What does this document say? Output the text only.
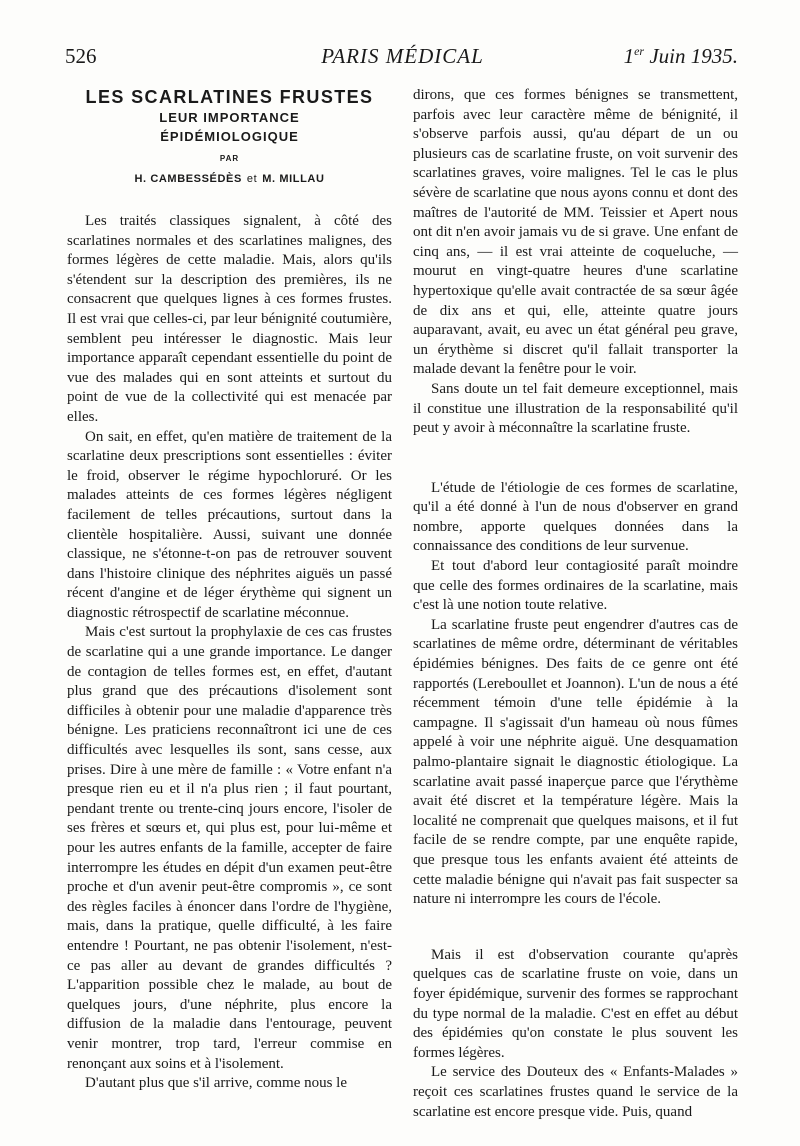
526	PARIS MÉDICAL	1er Juin 1935.
LES SCARLATINES FRUSTES
LEUR IMPORTANCE
ÉPIDÉMIOLOGIQUE
PAR
H. CAMBESSÉDÈS et M. MILLAU

Les traités classiques signalent, à côté des scarlatines normales et des scarlatines malignes, des formes légères de cette maladie. Mais, alors qu'ils s'étendent sur la description des premières, ils ne consacrent que quelques lignes à ces formes frustes. Il est vrai que celles-ci, par leur bénignité coutumière, semblent peu intéresser le diagnostic. Mais leur importance apparaît cependant essentielle du point de vue des malades qui en sont atteints et surtout du point de vue de la collectivité qui est menacée par elles.

On sait, en effet, qu'en matière de traitement de la scarlatine deux prescriptions sont essentielles : éviter le froid, observer le régime hypochloruré. Or les malades atteints de ces formes légères négligent facilement de telles précautions, surtout dans la clientèle hospitalière. Aussi, suivant une donnée classique, ne s'étonne-t-on pas de retrouver souvent dans l'histoire clinique des néphrites aiguës un passé récent d'angine et de léger érythème qui signent un diagnostic rétrospectif de scarlatine méconnue.

Mais c'est surtout la prophylaxie de ces cas frustes de scarlatine qui a une grande importance. Le danger de contagion de telles formes est, en effet, d'autant plus grand que des précautions d'isolement sont difficiles à obtenir pour une maladie d'apparence très bénigne. Les praticiens reconnaîtront ici une de ces difficultés avec lesquelles ils sont, sans cesse, aux prises. Dire à une mère de famille : « Votre enfant n'a presque rien eu et il n'a plus rien ; il faut pourtant, pendant trente ou trente-cinq jours encore, l'isoler de ses frères et sœurs et, qui plus est, pour lui-même et pour les autres enfants de la famille, accepter de faire interrompre les études en dépit d'un examen peut-être proche et d'un avenir peut-être compromis », ce sont des règles faciles à énoncer dans l'ordre de l'hygiène, mais, dans la pratique, quelle difficulté, à les faire entendre ! Pourtant, ne pas obtenir l'isolement, n'est-ce pas aller au devant de grandes difficultés ? L'apparition possible chez le malade, au bout de quelques jours, d'une néphrite, plus encore la diffusion de la maladie dans l'entourage, peuvent venir montrer, trop tard, l'erreur commise en renonçant aux soins et à l'isolement.

D'autant plus que s'il arrive, comme nous le

dirons, que ces formes bénignes se transmettent, parfois avec leur caractère même de bénignité, il s'observe parfois aussi, qu'au départ de un ou plusieurs cas de scarlatine fruste, on voit survenir des scarlatines graves, voire malignes. Tel le cas le plus sévère de scarlatine que nous ayons connu et dont des maîtres de l'autorité de MM. Teissier et Apert nous ont dit n'en avoir jamais vu de si grave. Une enfant de cinq ans, — il est vrai atteinte de coqueluche, — mourut en vingt-quatre heures d'une scarlatine hypertoxique qu'elle avait contractée de sa sœur âgée de dix ans et qui, elle, atteinte quatre jours auparavant, avait, eu avec un état général peu grave, un érythème si discret qu'il fallait transporter la malade devant la fenêtre pour le voir.

Sans doute un tel fait demeure exceptionnel, mais il constitue une illustration de la responsabilité qu'il peut y avoir à méconnaître la scarlatine fruste.

L'étude de l'étiologie de ces formes de scarlatine, qu'il a été donné à l'un de nous d'observer en grand nombre, apporte quelques données dans la connaissance des conditions de leur survenue.

Et tout d'abord leur contagiosité paraît moindre que celle des formes ordinaires de la scarlatine, mais c'est là une notion toute relative.

La scarlatine fruste peut engendrer d'autres cas de scarlatines de même ordre, déterminant de véritables épidémies bénignes. Des faits de ce genre ont été rapportés (Lereboullet et Joannon). L'un de nous a été récemment témoin d'une telle épidémie à la campagne. Il s'agissait d'un hameau où nous fûmes appelé à voir une néphrite aiguë. Une desquamation palmo-plantaire signait le diagnostic étiologique. La scarlatine avait passé inaperçue parce que l'érythème avait été discret et la température légère. Mais la localité ne comprenait que quelques maisons, et il fut facile de se rendre compte, par une enquête rapide, que presque tous les enfants avaient été atteints de cette maladie bénigne qui n'avait pas fait suspecter sa nature ni interrompre les cours de l'école.

Mais il est d'observation courante qu'après quelques cas de scarlatine fruste on voie, dans un foyer épidémique, survenir des formes se rapprochant du type normal de la maladie. C'est en effet au début des épidémies qu'on constate le plus souvent les formes légères.

Le service des Douteux des « Enfants-Malades » reçoit ces scarlatines frustes quand le service de la scarlatine est encore presque vide. Puis, quand
